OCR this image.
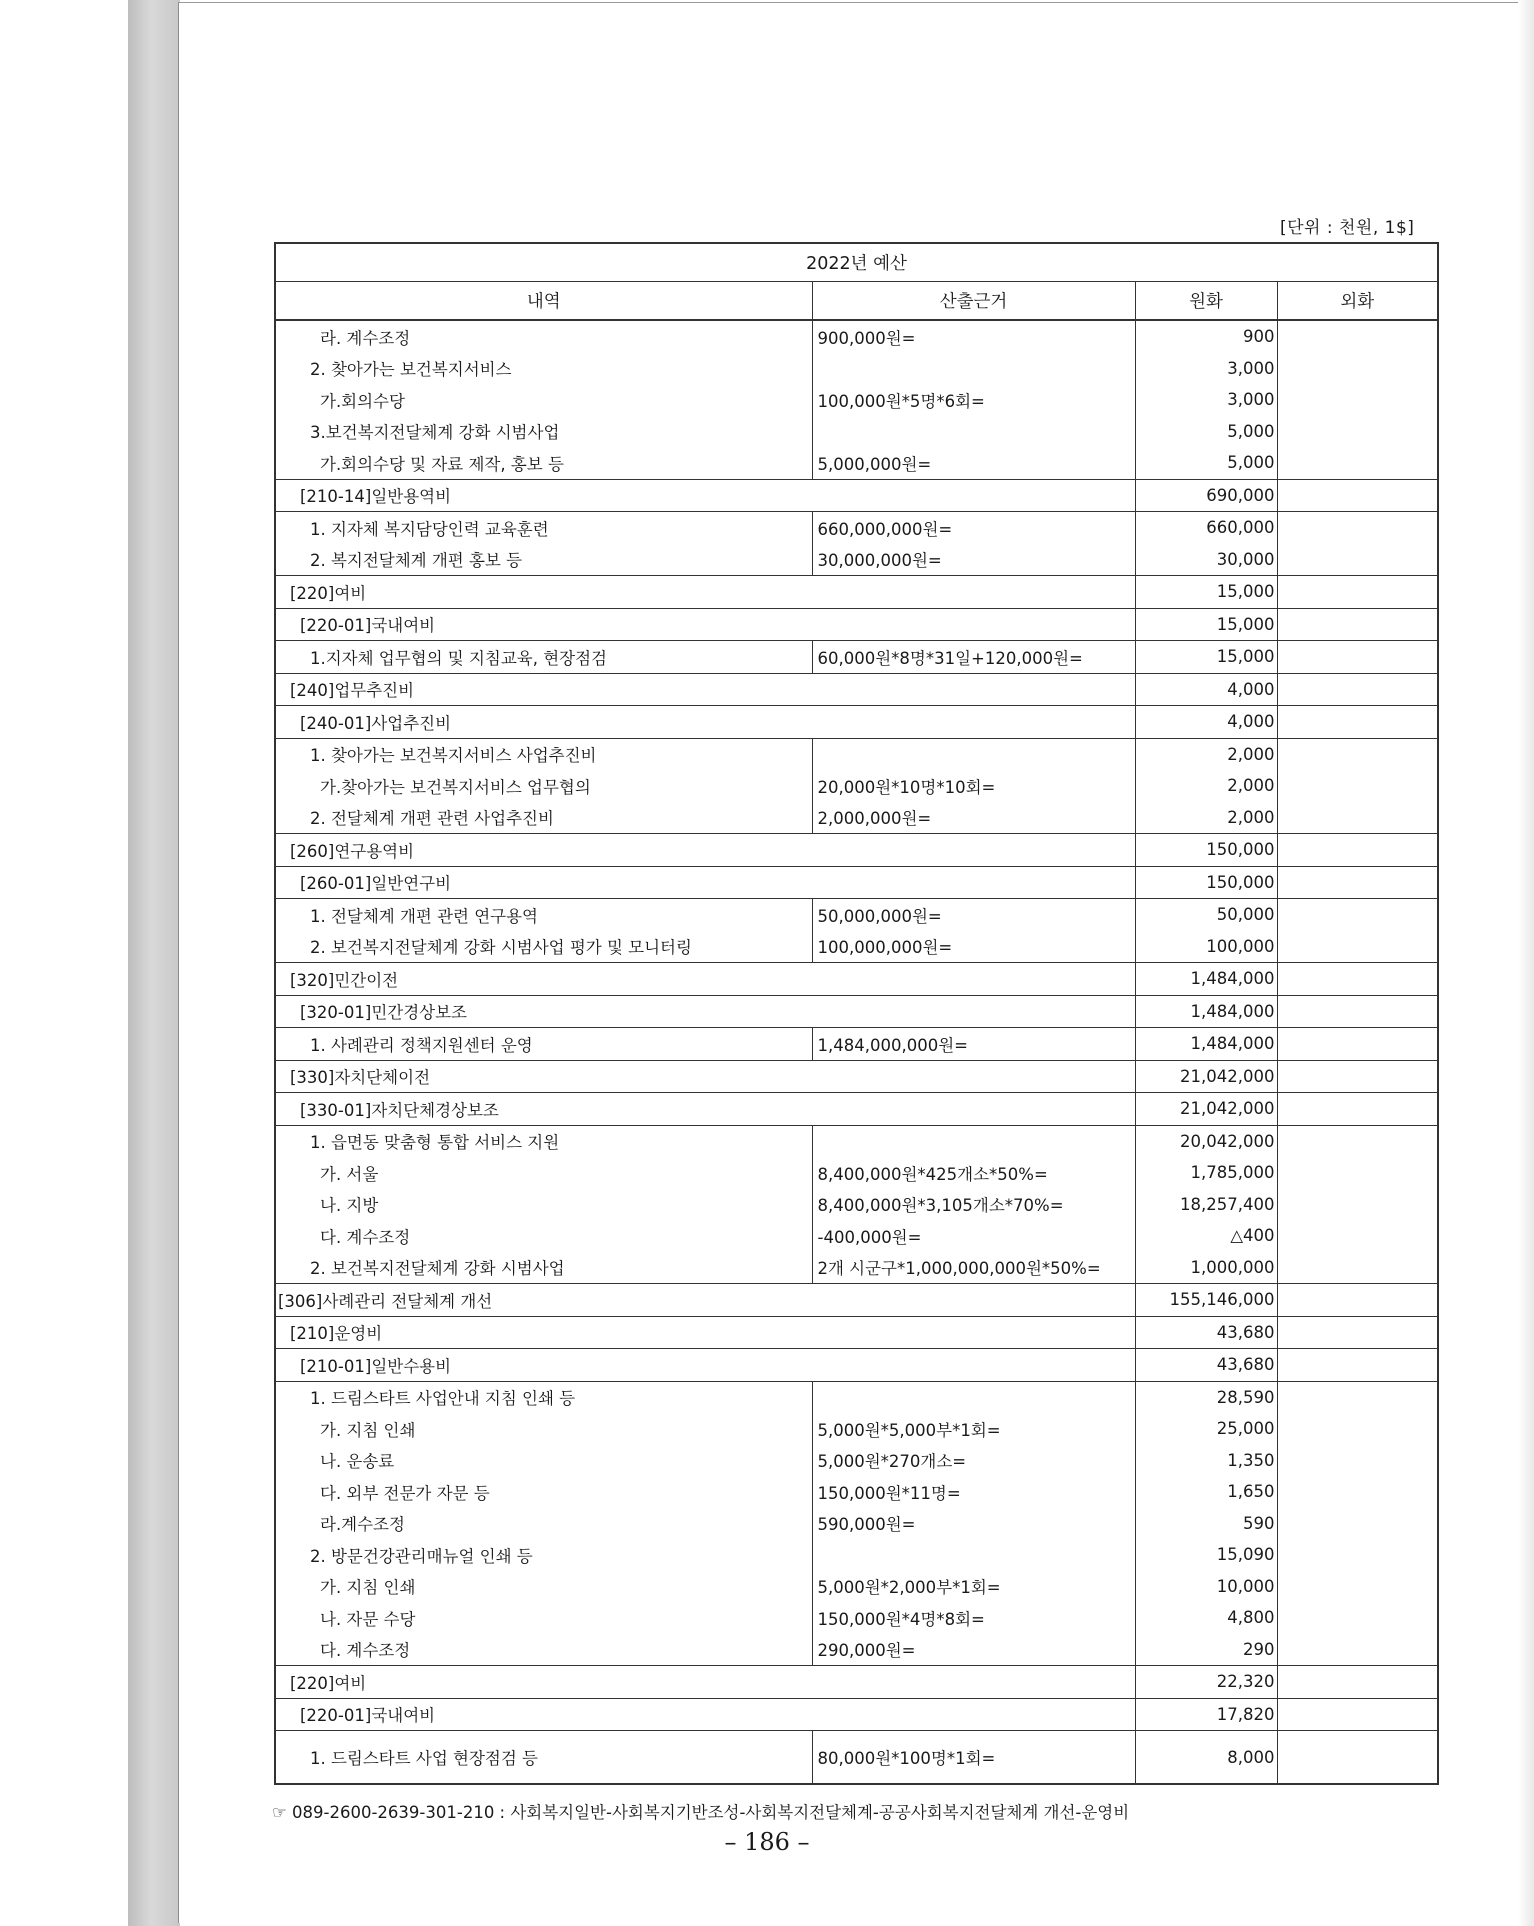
[단위 : 천원, 1$]
2022년 예산			
내역	산출근거	원화	외화
라. 계수조정	900,000원=	900	
2. 찾아가는 보건복지서비스		3,000	
가.회의수당	100,000원*5명*6회=	3,000	
3.보건복지전달체계 강화 시범사업		5,000	
가.회의수당 및 자료 제작, 홍보 등	5,000,000원=	5,000	
[210-14]일반용역비		690,000	
1. 지자체 복지담당인력 교육훈련	660,000,000원=	660,000	
2. 복지전달체계 개편 홍보 등	30,000,000원=	30,000	
[220]여비		15,000	
[220-01]국내여비		15,000	
1.지자체 업무협의 및 지침교육, 현장점검	60,000원*8명*31일+120,000원=	15,000	
[240]업무추진비		4,000	
[240-01]사업추진비		4,000	
1. 찾아가는 보건복지서비스 사업추진비		2,000	
가.찾아가는 보건복지서비스 업무협의	20,000원*10명*10회=	2,000	
2. 전달체계 개편 관련 사업추진비	2,000,000원=	2,000	
[260]연구용역비		150,000	
[260-01]일반연구비		150,000	
1. 전달체계 개편 관련 연구용역	50,000,000원=	50,000	
2. 보건복지전달체계 강화 시범사업 평가 및 모니터링	100,000,000원=	100,000	
[320]민간이전		1,484,000	
[320-01]민간경상보조		1,484,000	
1. 사례관리 정책지원센터 운영	1,484,000,000원=	1,484,000	
[330]자치단체이전		21,042,000	
[330-01]자치단체경상보조		21,042,000	
1. 읍면동 맞춤형 통합 서비스 지원		20,042,000	
가. 서울	8,400,000원*425개소*50%=	1,785,000	
나. 지방	8,400,000원*3,105개소*70%=	18,257,400	
다. 계수조정	-400,000원=	△400	
2. 보건복지전달체계 강화 시범사업	2개 시군구*1,000,000,000원*50%=	1,000,000	
[306]사례관리 전달체계 개선		155,146,000	
[210]운영비		43,680	
[210-01]일반수용비		43,680	
1. 드림스타트 사업안내 지침 인쇄 등		28,590	
가. 지침 인쇄	5,000원*5,000부*1회=	25,000	
나. 운송료	5,000원*270개소=	1,350	
다. 외부 전문가 자문 등	150,000원*11명=	1,650	
라.계수조정	590,000원=	590	
2. 방문건강관리매뉴얼 인쇄 등		15,090	
가. 지침 인쇄	5,000원*2,000부*1회=	10,000	
나. 자문 수당	150,000원*4명*8회=	4,800	
다. 계수조정	290,000원=	290	
[220]여비		22,320	
[220-01]국내여비		17,820	
1. 드림스타트 사업 현장점검 등	80,000원*100명*1회=	8,000	
☞ 089-2600-2639-301-210 : 사회복지일반-사회복지기반조성-사회복지전달체계-공공사회복지전달체계 개선-운영비
– 186 –
